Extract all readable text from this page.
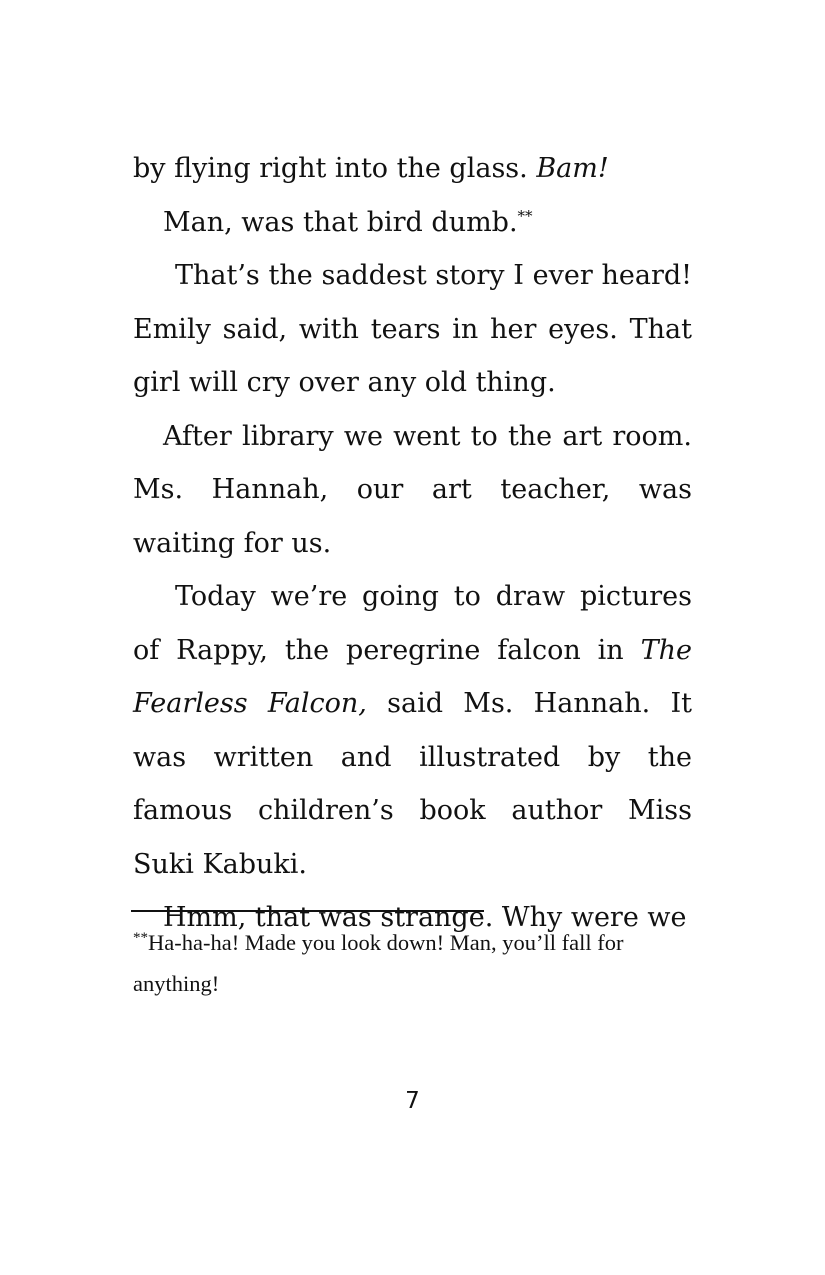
by flying right into the glass. Bam!

Man, was that bird dumb.**

That’s the saddest story I ever heard! Emily said, with tears in her eyes. That girl will cry over any old thing.

After library we went to the art room. Ms. Hannah, our art teacher, was waiting for us.

Today we’re going to draw pictures of Rappy, the peregrine falcon in The Fearless Falcon, said Ms. Hannah. It was written and illustrated by the famous children’s book author Miss Suki Kabuki.

Hmm, that was strange. Why were we

**Ha-ha-ha! Made you look down! Man, you’ll fall for anything!

7
